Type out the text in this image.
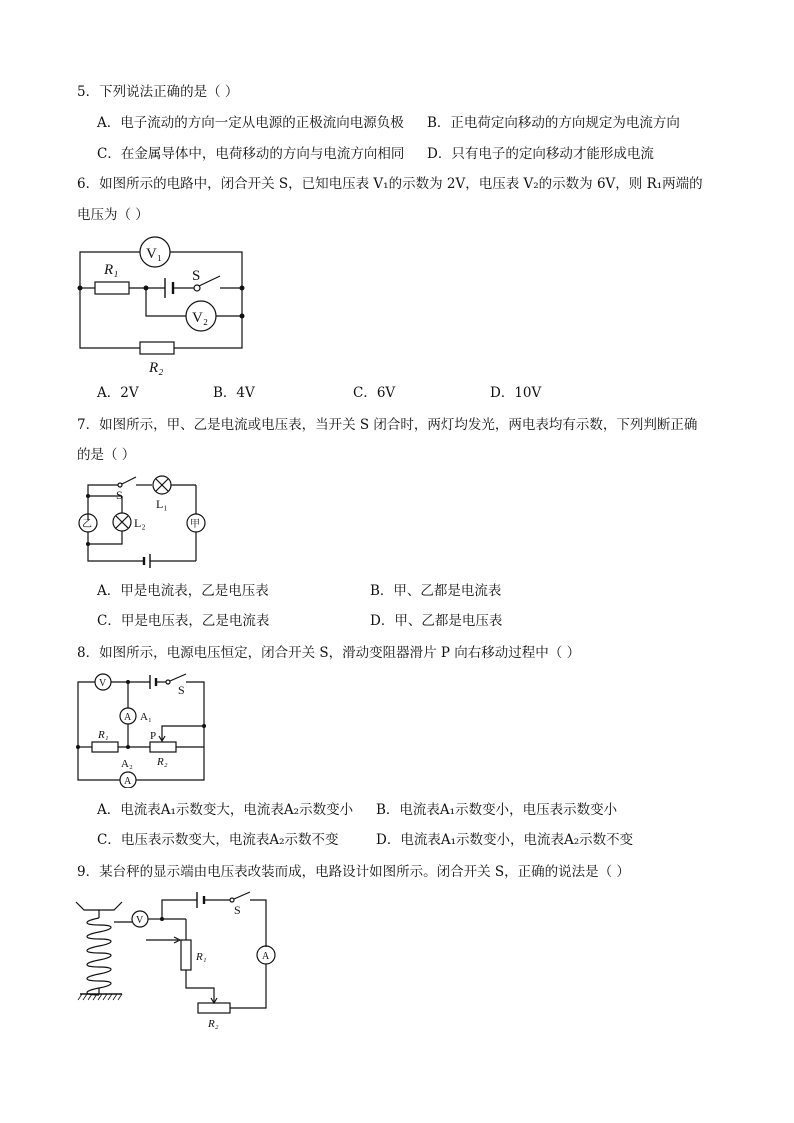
5．下列说法正确的是（ ）
A．电子流动的方向一定从电源的正极流向电源负极 B．正电荷定向移动的方向规定为电流方向
C．在金属导体中，电荷移动的方向与电流方向相同 D．只有电子的定向移动才能形成电流
6．如图所示的电路中，闭合开关 S，已知电压表 V₁的示数为 2V，电压表 V₂的示数为 6V，则 R₁两端的
电压为（ ）
V₁
R₁	S
V₂
R₂
A．2V	B．4V	C．6V	D．10V
7．如图所示，甲、乙是电流或电压表，当开关 S 闭合时，两灯均发光，两电表均有示数，下列判断正确
的是（ ）
S
L₁
甲
乙	L₂
A．甲是电流表，乙是电压表	B．甲、乙都是电流表
C．甲是电压表，乙是电流表	D．甲、乙都是电压表
8．如图所示，电源电压恒定，闭合开关 S，滑动变阻器滑片 P 向右移动过程中（ ）
V	S
A
A₂
A A₁
R₁
R₂
P
A．电流表A₁示数变大，电流表A₂示数变小 B．电流表A₁示数变小，电压表示数变小
C．电压表示数变大，电流表A₂示数不变	D．电流表A₁示数变小，电流表A₂示数不变
9．某台秤的显示端由电压表改装而成，电路设计如图所示。闭合开关 S，正确的说法是（ ）
V
S
A
R₁
R₂
